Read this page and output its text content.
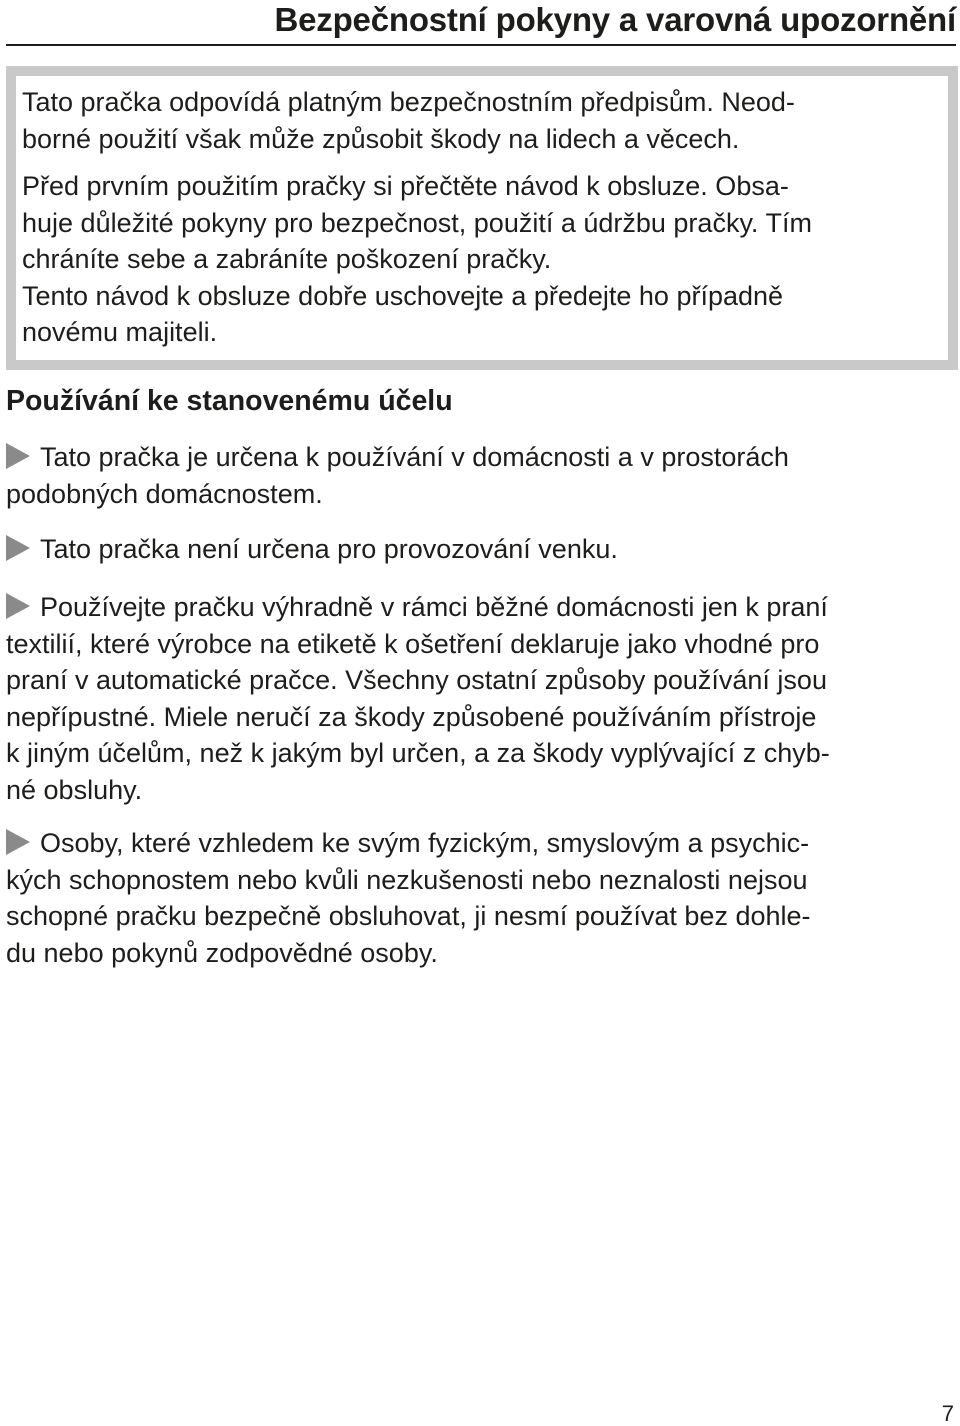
Bezpečnostní pokyny a varovná upozornění

Tato pračka odpovídá platným bezpečnostním předpisům. Neod-
borné použití však může způsobit škody na lidech a věcech.

Před prvním použitím pračky si přečtěte návod k obsluze. Obsa-
huje důležité pokyny pro bezpečnost, použití a údržbu pračky. Tím
chráníte sebe a zabráníte poškození pračky.
Tento návod k obsluze dobře uschovejte a předejte ho případně
novému majiteli.

Používání ke stanovenému účelu

Tato pračka je určena k používání v domácnosti a v prostorách
podobných domácnostem.

Tato pračka není určena pro provozování venku.

Používejte pračku výhradně v rámci běžné domácnosti jen k praní
textilií, které výrobce na etiketě k ošetření deklaruje jako vhodné pro
praní v automatické pračce. Všechny ostatní způsoby používání jsou
nepřípustné. Miele neručí za škody způsobené používáním přístroje
k jiným účelům, než k jakým byl určen, a za škody vyplývající z chyb-
né obsluhy.

Osoby, které vzhledem ke svým fyzickým, smyslovým a psychic-
kých schopnostem nebo kvůli nezkušenosti nebo neznalosti nejsou
schopné pračku bezpečně obsluhovat, ji nesmí používat bez dohle-
du nebo pokynů zodpovědné osoby.

7
